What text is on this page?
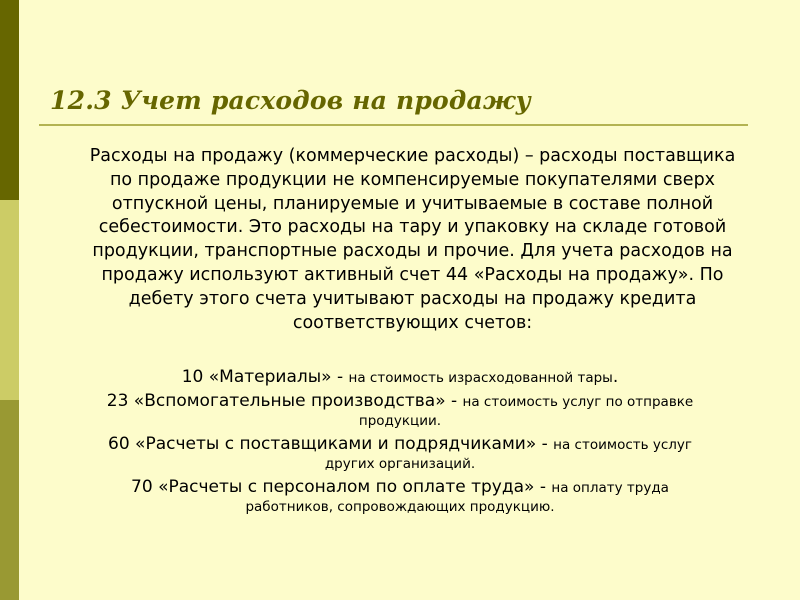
12.3 Учет расходов на продажу

Расходы на продажу (коммерческие расходы) – расходы поставщика по продаже продукции не компенсируемые покупателями сверх отпускной цены, планируемые и учитываемые в составе полной себестоимости. Это расходы на тару и упаковку на складе готовой продукции, транспортные расходы и прочие. Для учета расходов на продажу используют активный счет 44 «Расходы на продажу». По дебету этого счета учитывают расходы на продажу кредита соответствующих счетов:

10 «Материалы» - на стоимость израсходованной тары.
23 «Вспомогательные производства» - на стоимость услуг по отправке
продукции.
60 «Расчеты с поставщиками и подрядчиками» - на стоимость услуг
других организаций.
70 «Расчеты с персоналом по оплате труда» - на оплату труда
работников, сопровождающих продукцию.
